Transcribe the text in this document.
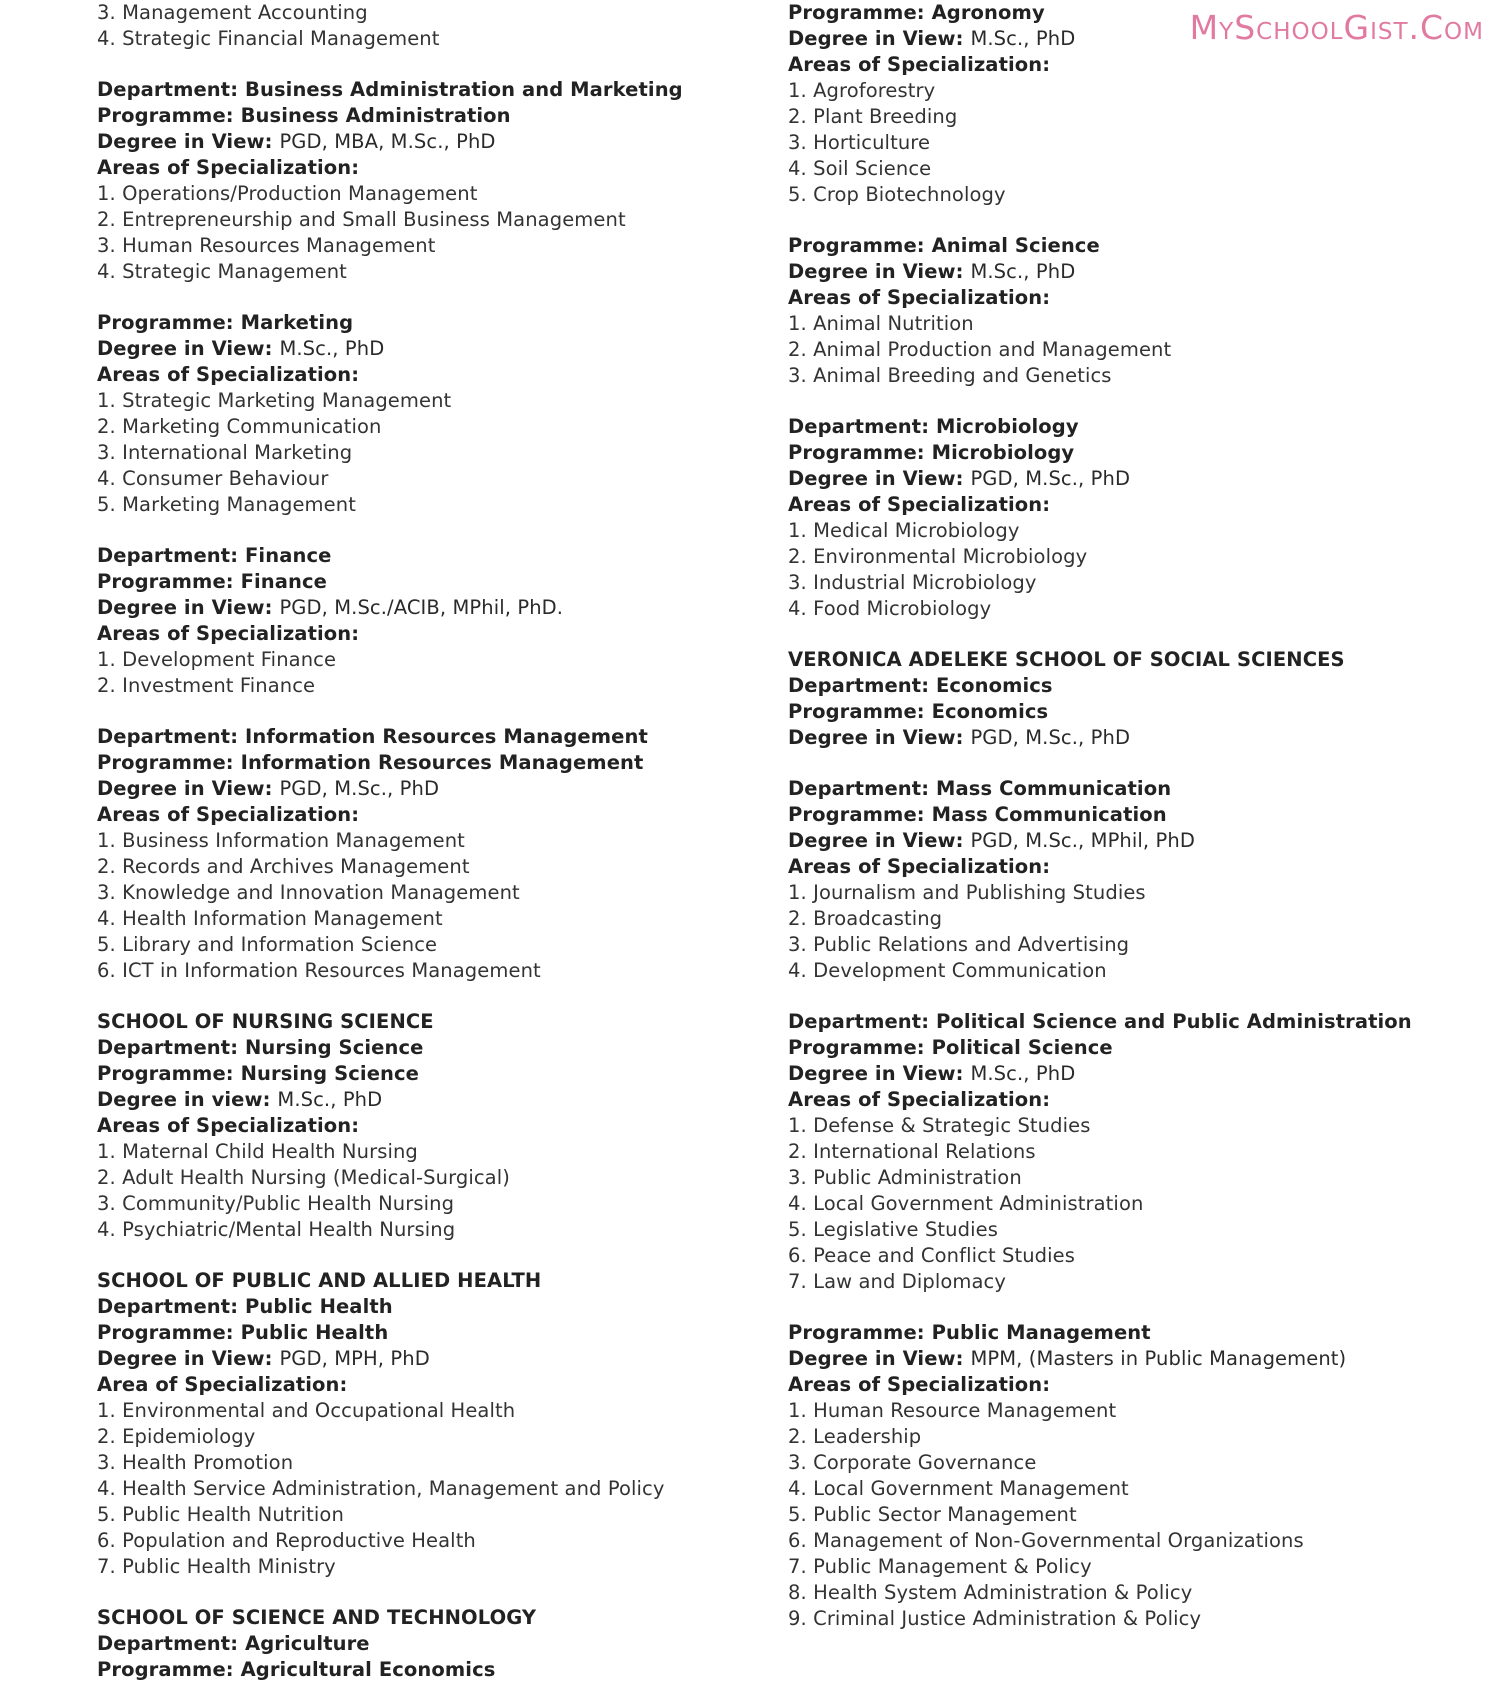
MySchoolGist.Com
3. Management Accounting
4. Strategic Financial Management
Department: Business Administration and Marketing
Programme: Business Administration
Degree in View: PGD, MBA, M.Sc., PhD
Areas of Specialization:
1. Operations/Production Management
2. Entrepreneurship and Small Business Management
3. Human Resources Management
4. Strategic Management
Programme: Marketing
Degree in View: M.Sc., PhD
Areas of Specialization:
1. Strategic Marketing Management
2. Marketing Communication
3. International Marketing
4. Consumer Behaviour
5. Marketing Management
Department: Finance
Programme: Finance
Degree in View: PGD, M.Sc./ACIB, MPhil, PhD.
Areas of Specialization:
1. Development Finance
2. Investment Finance
Department: Information Resources Management
Programme: Information Resources Management
Degree in View: PGD, M.Sc., PhD
Areas of Specialization:
1. Business Information Management
2. Records and Archives Management
3. Knowledge and Innovation Management
4. Health Information Management
5. Library and Information Science
6. ICT in Information Resources Management
SCHOOL OF NURSING SCIENCE
Department: Nursing Science
Programme: Nursing Science
Degree in view: M.Sc., PhD
Areas of Specialization:
1. Maternal Child Health Nursing
2. Adult Health Nursing (Medical-Surgical)
3. Community/Public Health Nursing
4. Psychiatric/Mental Health Nursing
SCHOOL OF PUBLIC AND ALLIED HEALTH
Department: Public Health
Programme: Public Health
Degree in View: PGD, MPH, PhD
Area of Specialization:
1. Environmental and Occupational Health
2. Epidemiology
3. Health Promotion
4. Health Service Administration, Management and Policy
5. Public Health Nutrition
6. Population and Reproductive Health
7. Public Health Ministry
SCHOOL OF SCIENCE AND TECHNOLOGY
Department: Agriculture
Programme: Agricultural Economics
Programme: Agronomy
Degree in View: M.Sc., PhD
Areas of Specialization:
1. Agroforestry
2. Plant Breeding
3. Horticulture
4. Soil Science
5. Crop Biotechnology
Programme: Animal Science
Degree in View: M.Sc., PhD
Areas of Specialization:
1. Animal Nutrition
2. Animal Production and Management
3. Animal Breeding and Genetics
Department: Microbiology
Programme: Microbiology
Degree in View: PGD, M.Sc., PhD
Areas of Specialization:
1. Medical Microbiology
2. Environmental Microbiology
3. Industrial Microbiology
4. Food Microbiology
VERONICA ADELEKE SCHOOL OF SOCIAL SCIENCES
Department: Economics
Programme: Economics
Degree in View: PGD, M.Sc., PhD
Department: Mass Communication
Programme: Mass Communication
Degree in View: PGD, M.Sc., MPhil, PhD
Areas of Specialization:
1. Journalism and Publishing Studies
2. Broadcasting
3. Public Relations and Advertising
4. Development Communication
Department: Political Science and Public Administration
Programme: Political Science
Degree in View: M.Sc., PhD
Areas of Specialization:
1. Defense & Strategic Studies
2. International Relations
3. Public Administration
4. Local Government Administration
5. Legislative Studies
6. Peace and Conflict Studies
7. Law and Diplomacy
Programme: Public Management
Degree in View: MPM, (Masters in Public Management)
Areas of Specialization:
1. Human Resource Management
2. Leadership
3. Corporate Governance
4. Local Government Management
5. Public Sector Management
6. Management of Non-Governmental Organizations
7. Public Management & Policy
8. Health System Administration & Policy
9. Criminal Justice Administration & Policy
